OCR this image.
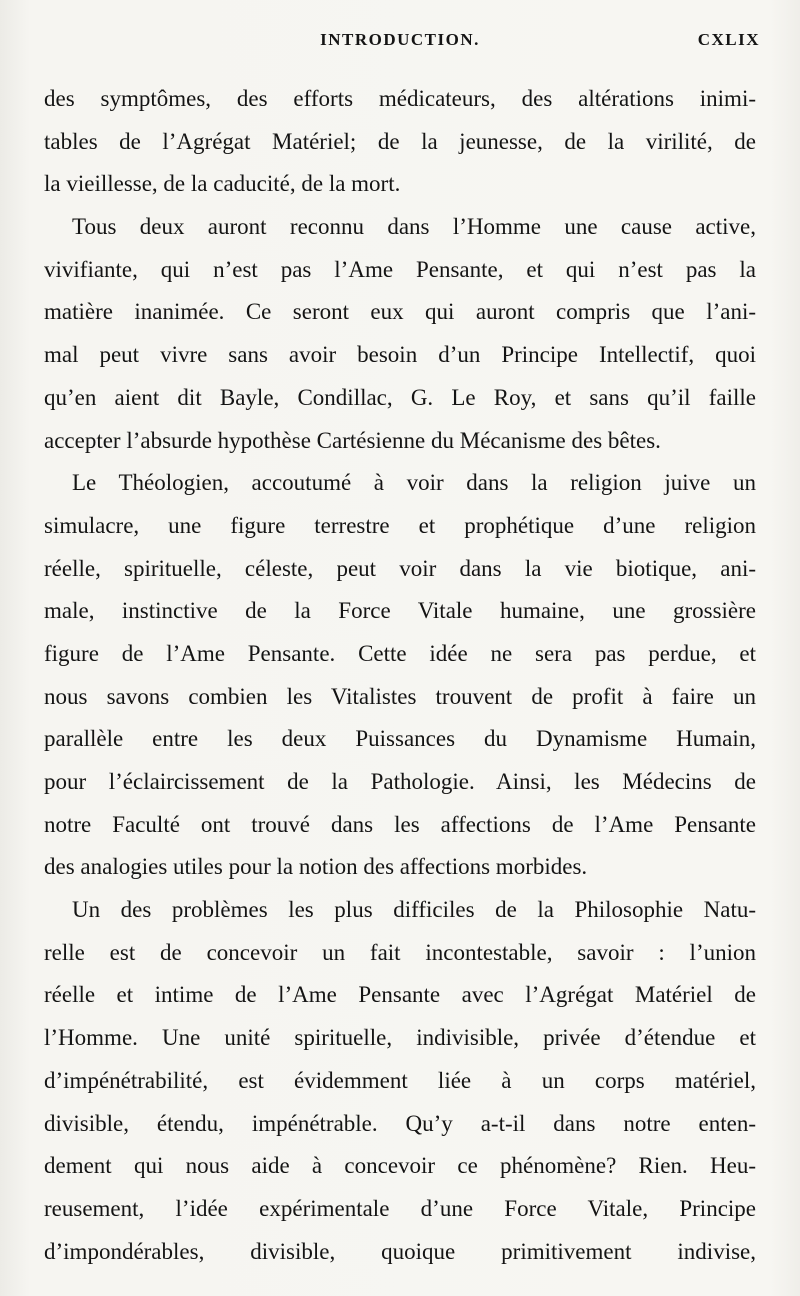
INTRODUCTION.	CXLIX
des symptômes, des efforts médicateurs, des altérations inimi-
tables de l’Agrégat Matériel; de la jeunesse, de la virilité, de
la vieillesse, de la caducité, de la mort.
Tous deux auront reconnu dans l’Homme une cause active,
vivifiante, qui n’est pas l’Ame Pensante, et qui n’est pas la
matière inanimée. Ce seront eux qui auront compris que l’ani-
mal peut vivre sans avoir besoin d’un Principe Intellectif, quoi
qu’en aient dit Bayle, Condillac, G. Le Roy, et sans qu’il faille
accepter l’absurde hypothèse Cartésienne du Mécanisme des bêtes.
Le Théologien, accoutumé à voir dans la religion juive un
simulacre, une figure terrestre et prophétique d’une religion
réelle, spirituelle, céleste, peut voir dans la vie biotique, ani-
male, instinctive de la Force Vitale humaine, une grossière
figure de l’Ame Pensante. Cette idée ne sera pas perdue, et
nous savons combien les Vitalistes trouvent de profit à faire un
parallèle entre les deux Puissances du Dynamisme Humain,
pour l’éclaircissement de la Pathologie. Ainsi, les Médecins de
notre Faculté ont trouvé dans les affections de l’Ame Pensante
des analogies utiles pour la notion des affections morbides.
Un des problèmes les plus difficiles de la Philosophie Natu-
relle est de concevoir un fait incontestable, savoir : l’union
réelle et intime de l’Ame Pensante avec l’Agrégat Matériel de
l’Homme. Une unité spirituelle, indivisible, privée d’étendue et
d’impénétrabilité, est évidemment liée à un corps matériel,
divisible, étendu, impénétrable. Qu’y a-t-il dans notre enten-
dement qui nous aide à concevoir ce phénomène? Rien. Heu-
reusement, l’idée expérimentale d’une Force Vitale, Principe
d’impondérables, divisible, quoique primitivement indivise,
